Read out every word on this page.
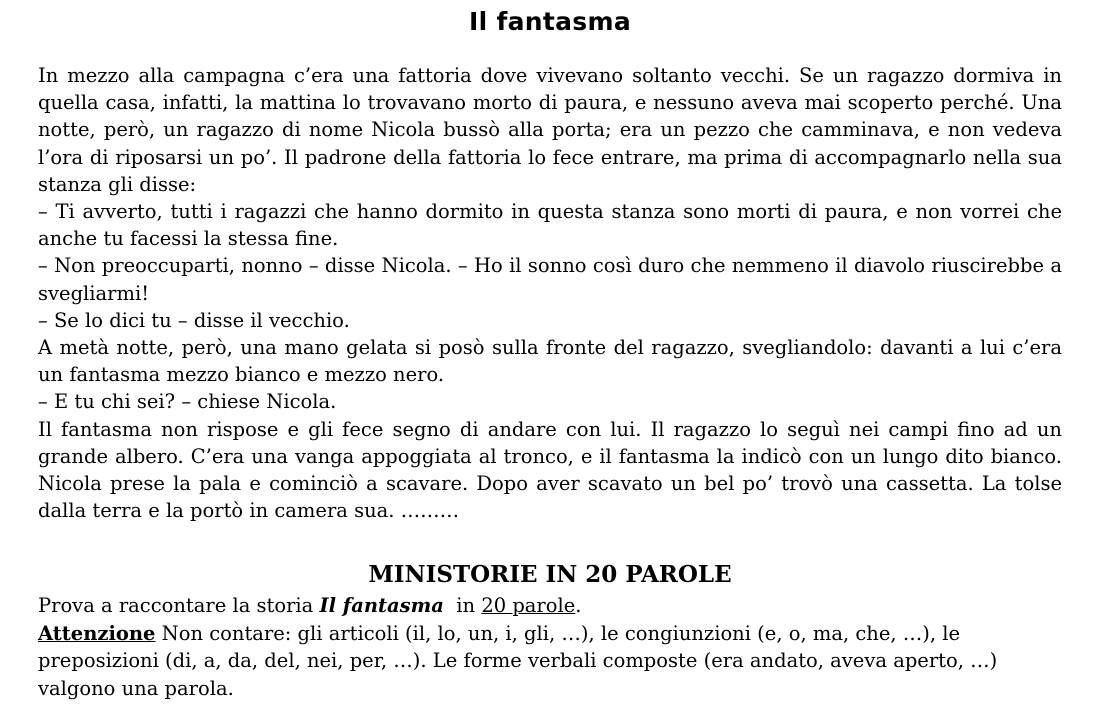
Il fantasma

In mezzo alla campagna c’era una fattoria dove vivevano soltanto vecchi. Se un ragazzo dormiva in quella casa, infatti, la mattina lo trovavano morto di paura, e nessuno aveva mai scoperto perché. Una notte, però, un ragazzo di nome Nicola bussò alla porta; era un pezzo che camminava, e non vedeva l’ora di riposarsi un po’. Il padrone della fattoria lo fece entrare, ma prima di accompagnarlo nella sua stanza gli disse:

– Ti avverto, tutti i ragazzi che hanno dormito in questa stanza sono morti di paura, e non vorrei che anche tu facessi la stessa fine.

– Non preoccuparti, nonno – disse Nicola. – Ho il sonno così duro che nemmeno il diavolo riuscirebbe a svegliarmi!

– Se lo dici tu – disse il vecchio.

A metà notte, però, una mano gelata si posò sulla fronte del ragazzo, svegliandolo: davanti a lui c’era un fantasma mezzo bianco e mezzo nero.

– E tu chi sei? – chiese Nicola.

Il fantasma non rispose e gli fece segno di andare con lui. Il ragazzo lo seguì nei campi fino ad un grande albero. C’era una vanga appoggiata al tronco, e il fantasma la indicò con un lungo dito bianco. Nicola prese la pala e cominciò a scavare. Dopo aver scavato un bel po’ trovò una cassetta. La tolse dalla terra e la portò in camera sua. ………

MINISTORIE IN 20 PAROLE

Prova a raccontare la storia Il fantasma  in 20 parole.

Attenzione Non contare: gli articoli (il, lo, un, i, gli, …), le congiunzioni (e, o, ma, che, …), le preposizioni (di, a, da, del, nei, per, …). Le forme verbali composte (era andato, aveva aperto, …) valgono una parola.
